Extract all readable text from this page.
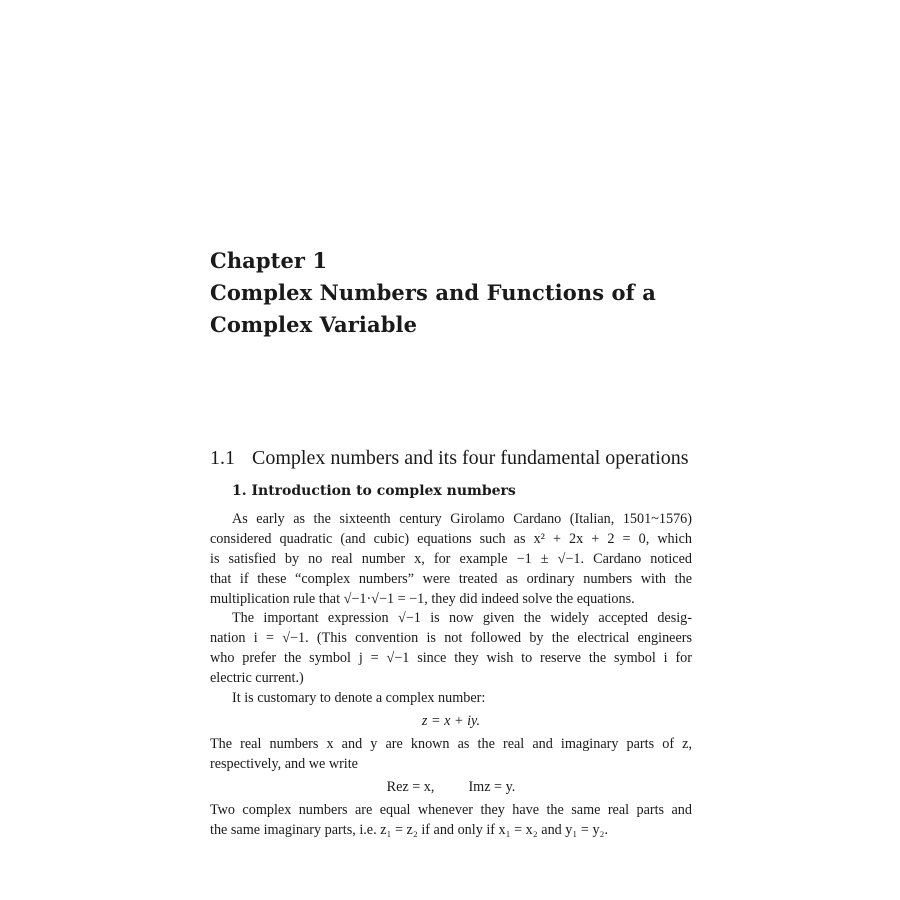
Chapter 1
Complex Numbers and Functions of a
Complex Variable
1.1 Complex numbers and its four fundamental operations
1. Introduction to complex numbers
As early as the sixteenth century Girolamo Cardano (Italian, 1501~1576)
considered quadratic (and cubic) equations such as x² + 2x + 2 = 0, which
is satisfied by no real number x, for example −1 ± √−1. Cardano noticed
that if these “complex numbers” were treated as ordinary numbers with the
multiplication rule that √−1·√−1 = −1, they did indeed solve the equations.
The important expression √−1 is now given the widely accepted desig-
nation i = √−1. (This convention is not followed by the electrical engineers
who prefer the symbol j = √−1 since they wish to reserve the symbol i for
electric current.)
It is customary to denote a complex number:
z = x + iy.
The real numbers x and y are known as the real and imaginary parts of z,
respectively, and we write
Rez = x, Imz = y.
Two complex numbers are equal whenever they have the same real parts and
the same imaginary parts, i.e. z₁ = z₂ if and only if x₁ = x₂ and y₁ = y₂.
